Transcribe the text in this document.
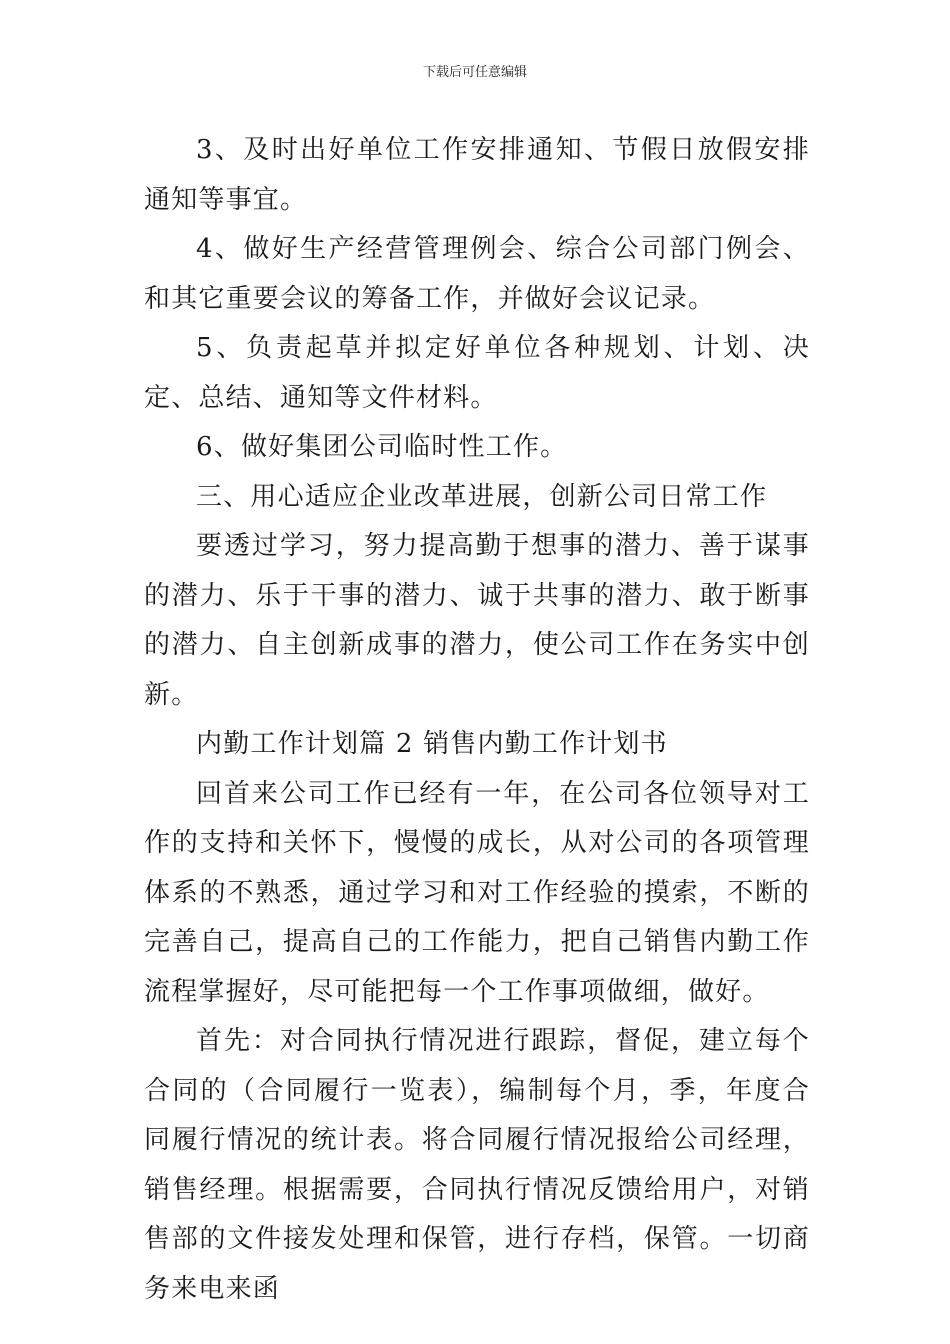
下载后可任意编辑

3、及时出好单位工作安排通知、节假日放假安排通知等事宜。

4、做好生产经营管理例会、综合公司部门例会、和其它重要会议的筹备工作，并做好会议记录。

5、负责起草并拟定好单位各种规划、计划、决定、总结、通知等文件材料。

6、做好集团公司临时性工作。

三、用心适应企业改革进展，创新公司日常工作

要透过学习，努力提高勤于想事的潜力、善于谋事的潜力、乐于干事的潜力、诚于共事的潜力、敢于断事的潜力、自主创新成事的潜力，使公司工作在务实中创新。

内勤工作计划篇 2 销售内勤工作计划书

回首来公司工作已经有一年，在公司各位领导对工作的支持和关怀下，慢慢的成长，从对公司的各项管理体系的不熟悉，通过学习和对工作经验的摸索，不断的完善自己，提高自己的工作能力，把自己销售内勤工作流程掌握好，尽可能把每一个工作事项做细，做好。

首先：对合同执行情况进行跟踪，督促，建立每个合同的（合同履行一览表），编制每个月，季，年度合同履行情况的统计表。将合同履行情况报给公司经理，销售经理。根据需要，合同执行情况反馈给用户，对销售部的文件接发处理和保管，进行存档，保管。一切商务来电来函
